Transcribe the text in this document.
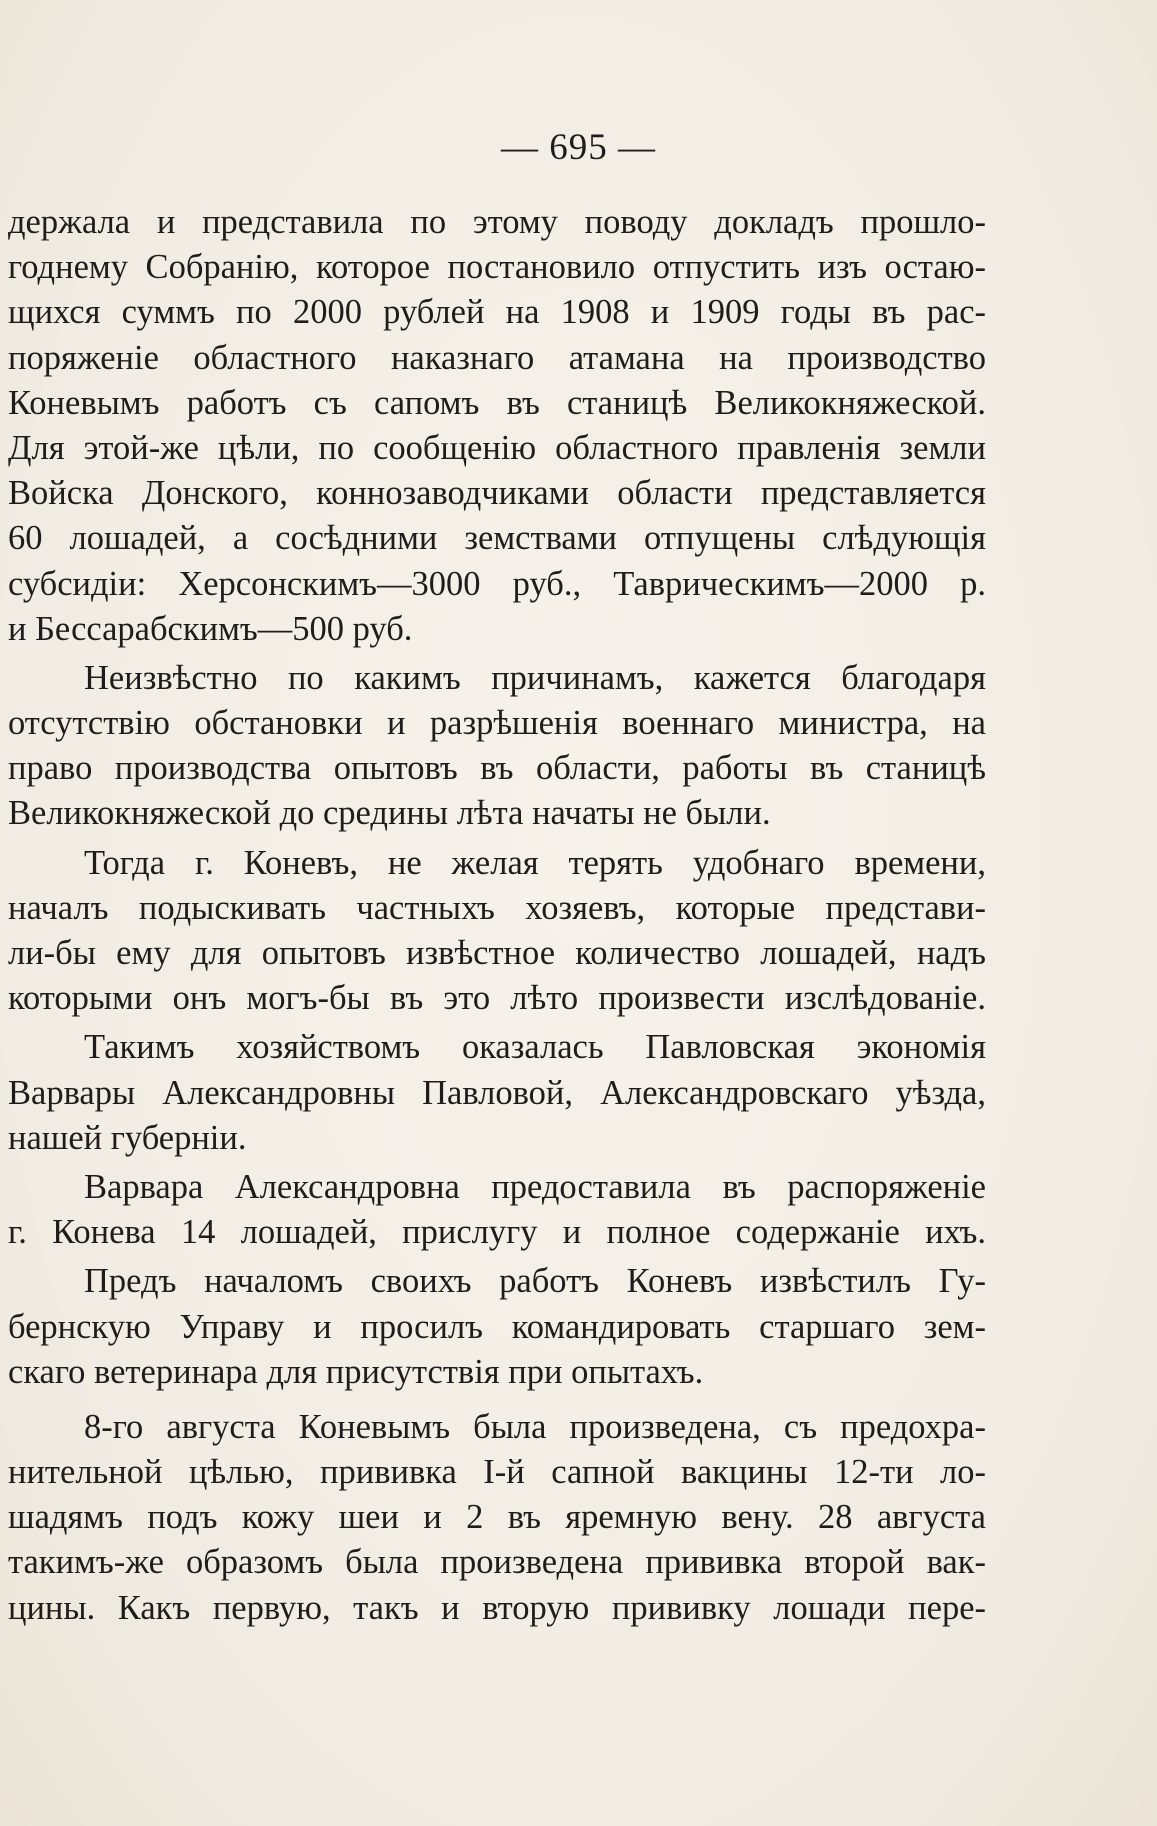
— 695 —
держала и представила по этому поводу докладъ прошло-
годнему Собранію, которое постановило отпустить изъ остаю-
щихся суммъ по 2000 рублей на 1908 и 1909 годы въ рас-
поряженіе областного наказнаго атамана на производство
Коневымъ работъ съ сапомъ въ станицѣ Великокняжеской.
Для этой-же цѣли, по сообщенію областного правленія земли
Войска Донского, коннозаводчиками области представляется
60 лошадей, а сосѣдними земствами отпущены слѣдующія
субсидіи: Херсонскимъ—3000 руб., Таврическимъ—2000 р.
и Бессарабскимъ—500 руб.
Неизвѣстно по какимъ причинамъ, кажется благодаря
отсутствію обстановки и разрѣшенія военнаго министра, на
право производства опытовъ въ области, работы въ станицѣ
Великокняжеской до средины лѣта начаты не были.
Тогда г. Коневъ, не желая терять удобнаго времени,
началъ подыскивать частныхъ хозяевъ, которые представи-
ли-бы ему для опытовъ извѣстное количество лошадей, надъ
которыми онъ могъ-бы въ это лѣто произвести изслѣдованіе.
Такимъ хозяйствомъ оказалась Павловская экономія
Варвары Александровны Павловой, Александровскаго уѣзда,
нашей губерніи.
Варвара Александровна предоставила въ распоряженіе
г. Конева 14 лошадей, прислугу и полное содержаніе ихъ.
Предъ началомъ своихъ работъ Коневъ извѣстилъ Гу-
бернскую Управу и просилъ командировать старшаго зем-
скаго ветеринара для присутствія при опытахъ.
8-го августа Коневымъ была произведена, съ предохра-
нительной цѣлью, прививка І-й сапной вакцины 12-ти ло-
шадямъ подъ кожу шеи и 2 въ яремную вену. 28 августа
такимъ-же образомъ была произведена прививка второй вак-
цины. Какъ первую, такъ и вторую прививку лошади пере-
